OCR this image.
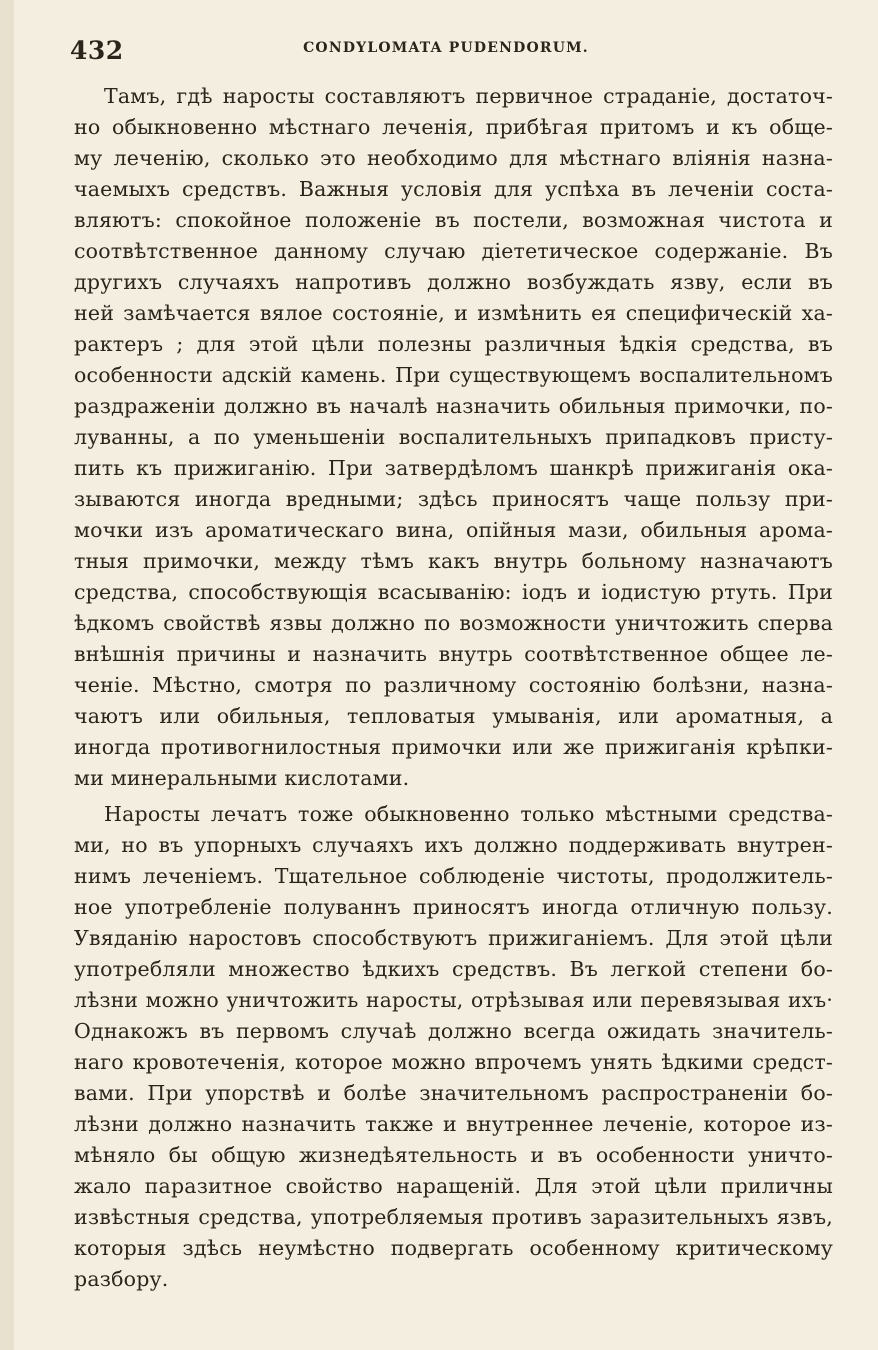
432	CONDYLOMATA PUDENDORUM.
Тамъ, гдѣ наросты составляютъ первичное страданіе, достаточ-
но обыкновенно мѣстнаго леченія, прибѣгая притомъ и къ обще-
му леченію, сколько это необходимо для мѣстнаго вліянія назна-
чаемыхъ средствъ. Важныя условія для успѣха въ леченіи соста-
вляютъ: спокойное положеніе въ постели, возможная чистота и
соотвѣтственное данному случаю діететическое содержаніе. Въ
другихъ случаяхъ напротивъ должно возбуждать язву, если въ
ней замѣчается вялое состояніе, и измѣнить ея специфическій ха-
рактеръ ; для этой цѣли полезны различныя ѣдкія средства, въ
особенности адскій камень. При существующемъ воспалительномъ
раздраженіи должно въ началѣ назначить обильныя примочки, по-
луванны, а по уменьшеніи воспалительныхъ припадковъ присту-
пить къ прижиганію. При затвердѣломъ шанкрѣ прижиганія ока-
зываются иногда вредными; здѣсь приносятъ чаще пользу при-
мочки изъ ароматическаго вина, опійныя мази, обильныя арома-
тныя примочки, между тѣмъ какъ внутрь больному назначаютъ
средства, способствующія всасыванію: іодъ и іодистую ртуть. При
ѣдкомъ свойствѣ язвы должно по возможности уничтожить сперва
внѣшнія причины и назначить внутрь соотвѣтственное общее ле-
ченіе. Мѣстно, смотря по различному состоянію болѣзни, назна-
чаютъ или обильныя, тепловатыя умыванія, или ароматныя, а
иногда противогнилостныя примочки или же прижиганія крѣпки-
ми минеральными кислотами.
Наросты лечатъ тоже обыкновенно только мѣстными средства-
ми, но въ упорныхъ случаяхъ ихъ должно поддерживать внутрен-
нимъ леченіемъ. Тщательное соблюденіе чистоты, продолжитель-
ное употребленіе полуваннъ приносятъ иногда отличную пользу.
Увяданію наростовъ способствуютъ прижиганіемъ. Для этой цѣли
употребляли множество ѣдкихъ средствъ. Въ легкой степени бо-
лѣзни можно уничтожить наросты, отрѣзывая или перевязывая ихъ·
Однакожъ въ первомъ случаѣ должно всегда ожидать значитель-
наго кровотеченія, которое можно впрочемъ унять ѣдкими средст-
вами. При упорствѣ и болѣе значительномъ распространеніи бо-
лѣзни должно назначить также и внутреннее леченіе, которое из-
мѣняло бы общую жизнедѣятельность и въ особенности уничто-
жало паразитное свойство наращеній. Для этой цѣли приличны
извѣстныя средства, употребляемыя противъ заразительныхъ язвъ,
которыя здѣсь неумѣстно подвергать особенному критическому
разбору.
